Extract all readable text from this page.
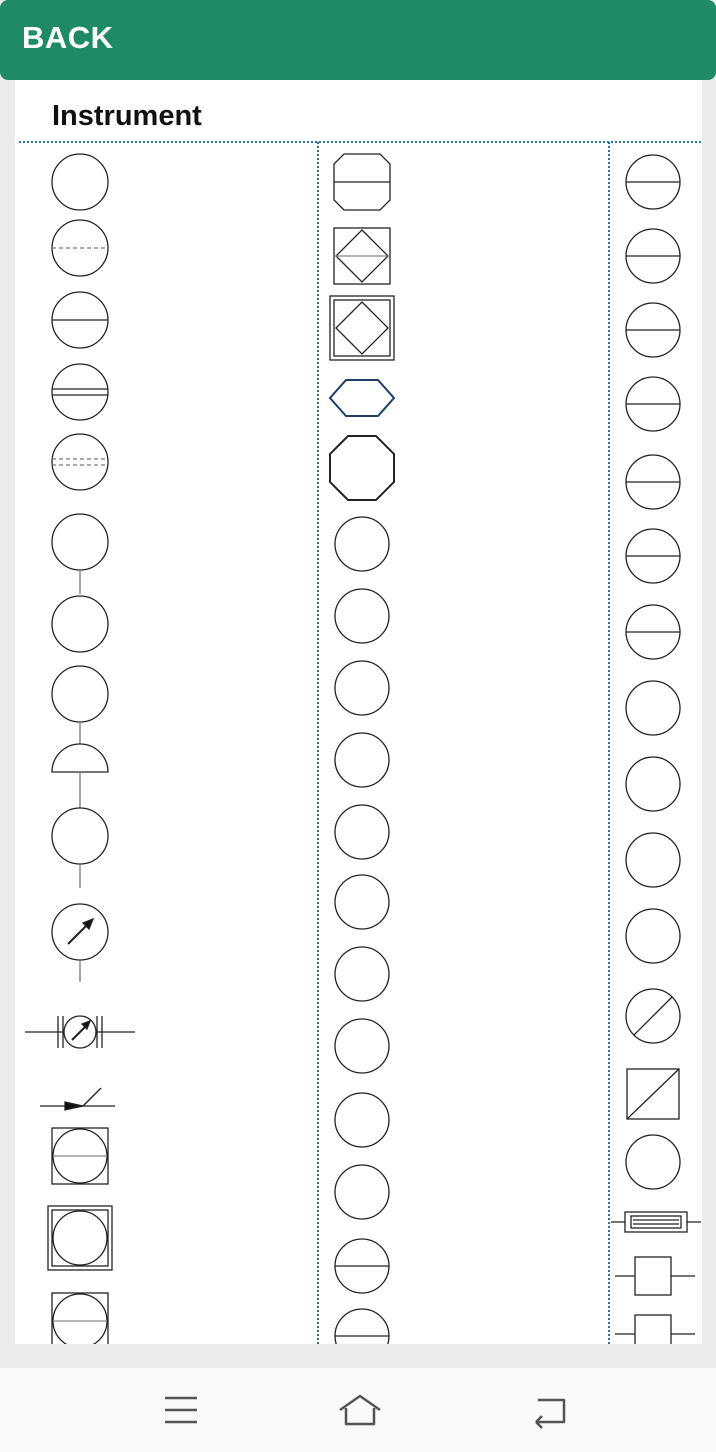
BACK
Instrument
